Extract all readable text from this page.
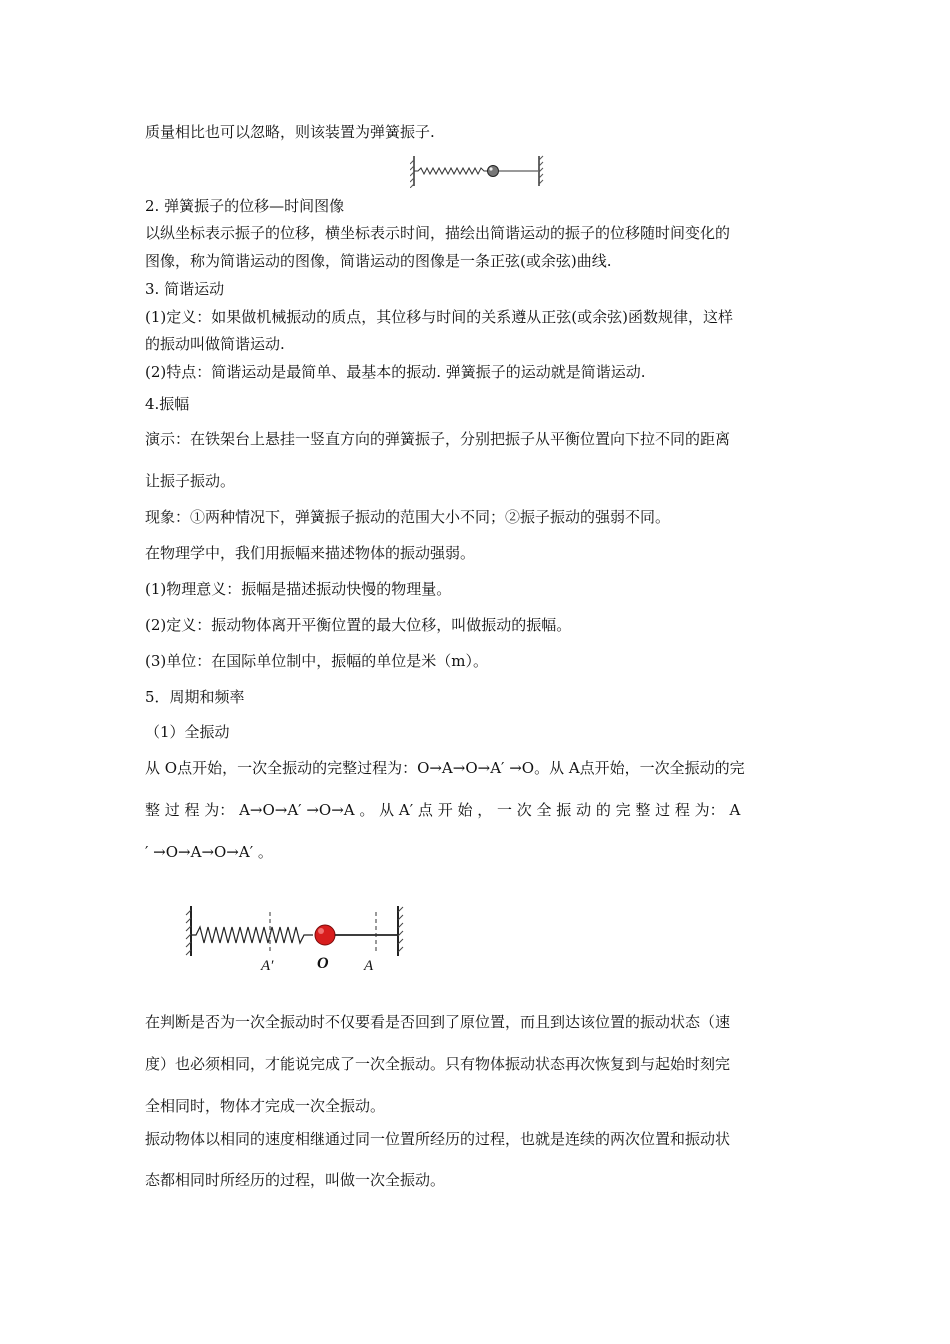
质量相比也可以忽略，则该装置为弹簧振子.
2. 弹簧振子的位移—时间图像
以纵坐标表示振子的位移，横坐标表示时间，描绘出简谐运动的振子的位移随时间变化的
图像，称为简谐运动的图像，简谐运动的图像是一条正弦(或余弦)曲线.
3. 简谐运动
(1)定义：如果做机械振动的质点，其位移与时间的关系遵从正弦(或余弦)函数规律，这样
的振动叫做简谐运动.
(2)特点：简谐运动是最简单、最基本的振动. 弹簧振子的运动就是简谐运动.
4.振幅
演示：在铁架台上悬挂一竖直方向的弹簧振子，分别把振子从平衡位置向下拉不同的距离
让振子振动。
现象：①两种情况下，弹簧振子振动的范围大小不同；②振子振动的强弱不同。
在物理学中，我们用振幅来描述物体的振动强弱。
(1)物理意义：振幅是描述振动快慢的物理量。
(2)定义：振动物体离开平衡位置的最大位移，叫做振动的振幅。
(3)单位：在国际单位制中，振幅的单位是米（m）。
5．周期和频率
（1）全振动
从 O点开始，一次全振动的完整过程为：O→A→O→A′ →O。从 A点开始，一次全振动的完
整 过 程 为： A→O→A′ →O→A 。 从 A′ 点 开 始 ， 一 次 全 振 动 的 完 整 过 程 为： A
′ →O→A→O→A′ 。
A′	O A
在判断是否为一次全振动时不仅要看是否回到了原位置，而且到达该位置的振动状态（速
度）也必须相同，才能说完成了一次全振动。只有物体振动状态再次恢复到与起始时刻完
全相同时，物体才完成一次全振动。
振动物体以相同的速度相继通过同一位置所经历的过程，也就是连续的两次位置和振动状
态都相同时所经历的过程，叫做一次全振动。
